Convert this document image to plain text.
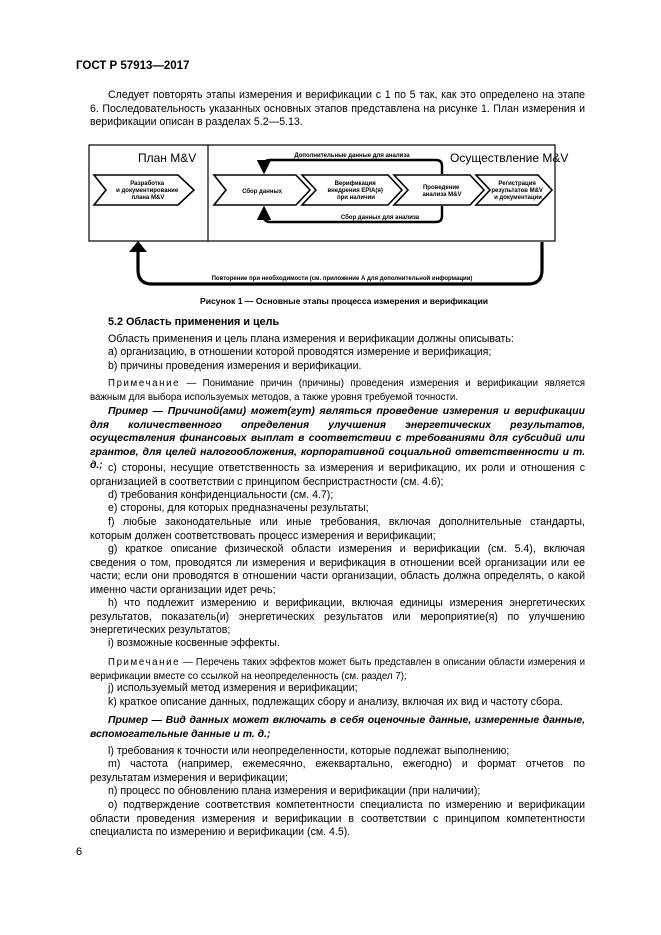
ГОСТ Р 57913—2017

Следует повторять этапы измерения и верификации с 1 по 5 так, как это определено на этапе 6. Последовательность указанных основных этапов представлена на рисунке 1. План измерения и верификации описан в разделах 5.2—5.13.

План M&V	Осуществление M&V
Разработка и документирование плана M&V
Сбор данных
Верификация внедрения ЕРІА(я) при наличии
Проведение анализа M&V
Регистрация результатов M&V и документации
Дополнительные данные для анализа
Сбор данных для анализа
Повторение при необходимости (см. приложение А для дополнительной информации)
Рисунок 1 — Основные этапы процесса измерения и верификации
5.2 Область применения и цель

Область применения и цель плана измерения и верификации должны описывать:

а) организацию, в отношении которой проводятся измерение и верификация;

b) причины проведения измерения и верификации.

Примечание — Понимание причин (причины) проведения измерения и верификации является важным для выбора используемых методов, а также уровня требуемой точности.

Пример — Причиной(ами) может(гут) являться проведение измерения и верификации для количественного определения улучшения энергетических результатов, осуществления финансовых выплат в соответствии с требованиями для субсидий или грантов, для целей налогообложения, корпоративной социальной ответственности и т. д.; c) стороны, несущие ответственность за измерения и верификацию, их роли и отношения с организацией в соответствии с принципом беспристрастности (см. 4.6);

d) требования конфиденциальности (см. 4.7);

e) стороны, для которых предназначены результаты;

f) любые законодательные или иные требования, включая дополнительные стандарты, которым должен соответствовать процесс измерения и верификации;

g) краткое описание физической области измерения и верификации (см. 5.4), включая сведения о том, проводятся ли измерения и верификация в отношении всей организации или ее части; если они проводятся в отношении части организации, область должна определять, о какой именно части организации идет речь;

h) что подлежит измерению и верификации, включая единицы измерения энергетических результатов, показатель(и) энергетических результатов или мероприятие(я) по улучшению энергетических результатов;

i) возможные косвенные эффекты.

Примечание — Перечень таких эффектов может быть представлен в описании области измерения и верификации вместе со ссылкой на неопределенность (см. раздел 7);

j) используемый метод измерения и верификации;

k) краткое описание данных, подлежащих сбору и анализу, включая их вид и частоту сбора.

Пример — Вид данных может включать в себя оценочные данные, измеренные данные, вспомогательные данные и т. д.;

l) требования к точности или неопределенности, которые подлежат выполнению;

m) частота (например, ежемесячно, ежеквартально, ежегодно) и формат отчетов по результатам измерения и верификации;

n) процесс по обновлению плана измерения и верификации (при наличии);

o) подтверждение соответствия компетентности специалиста по измерению и верификации области проведения измерения и верификации в соответствии с принципом компетентности специалиста по измерению и верификации (см. 4.5).

6
